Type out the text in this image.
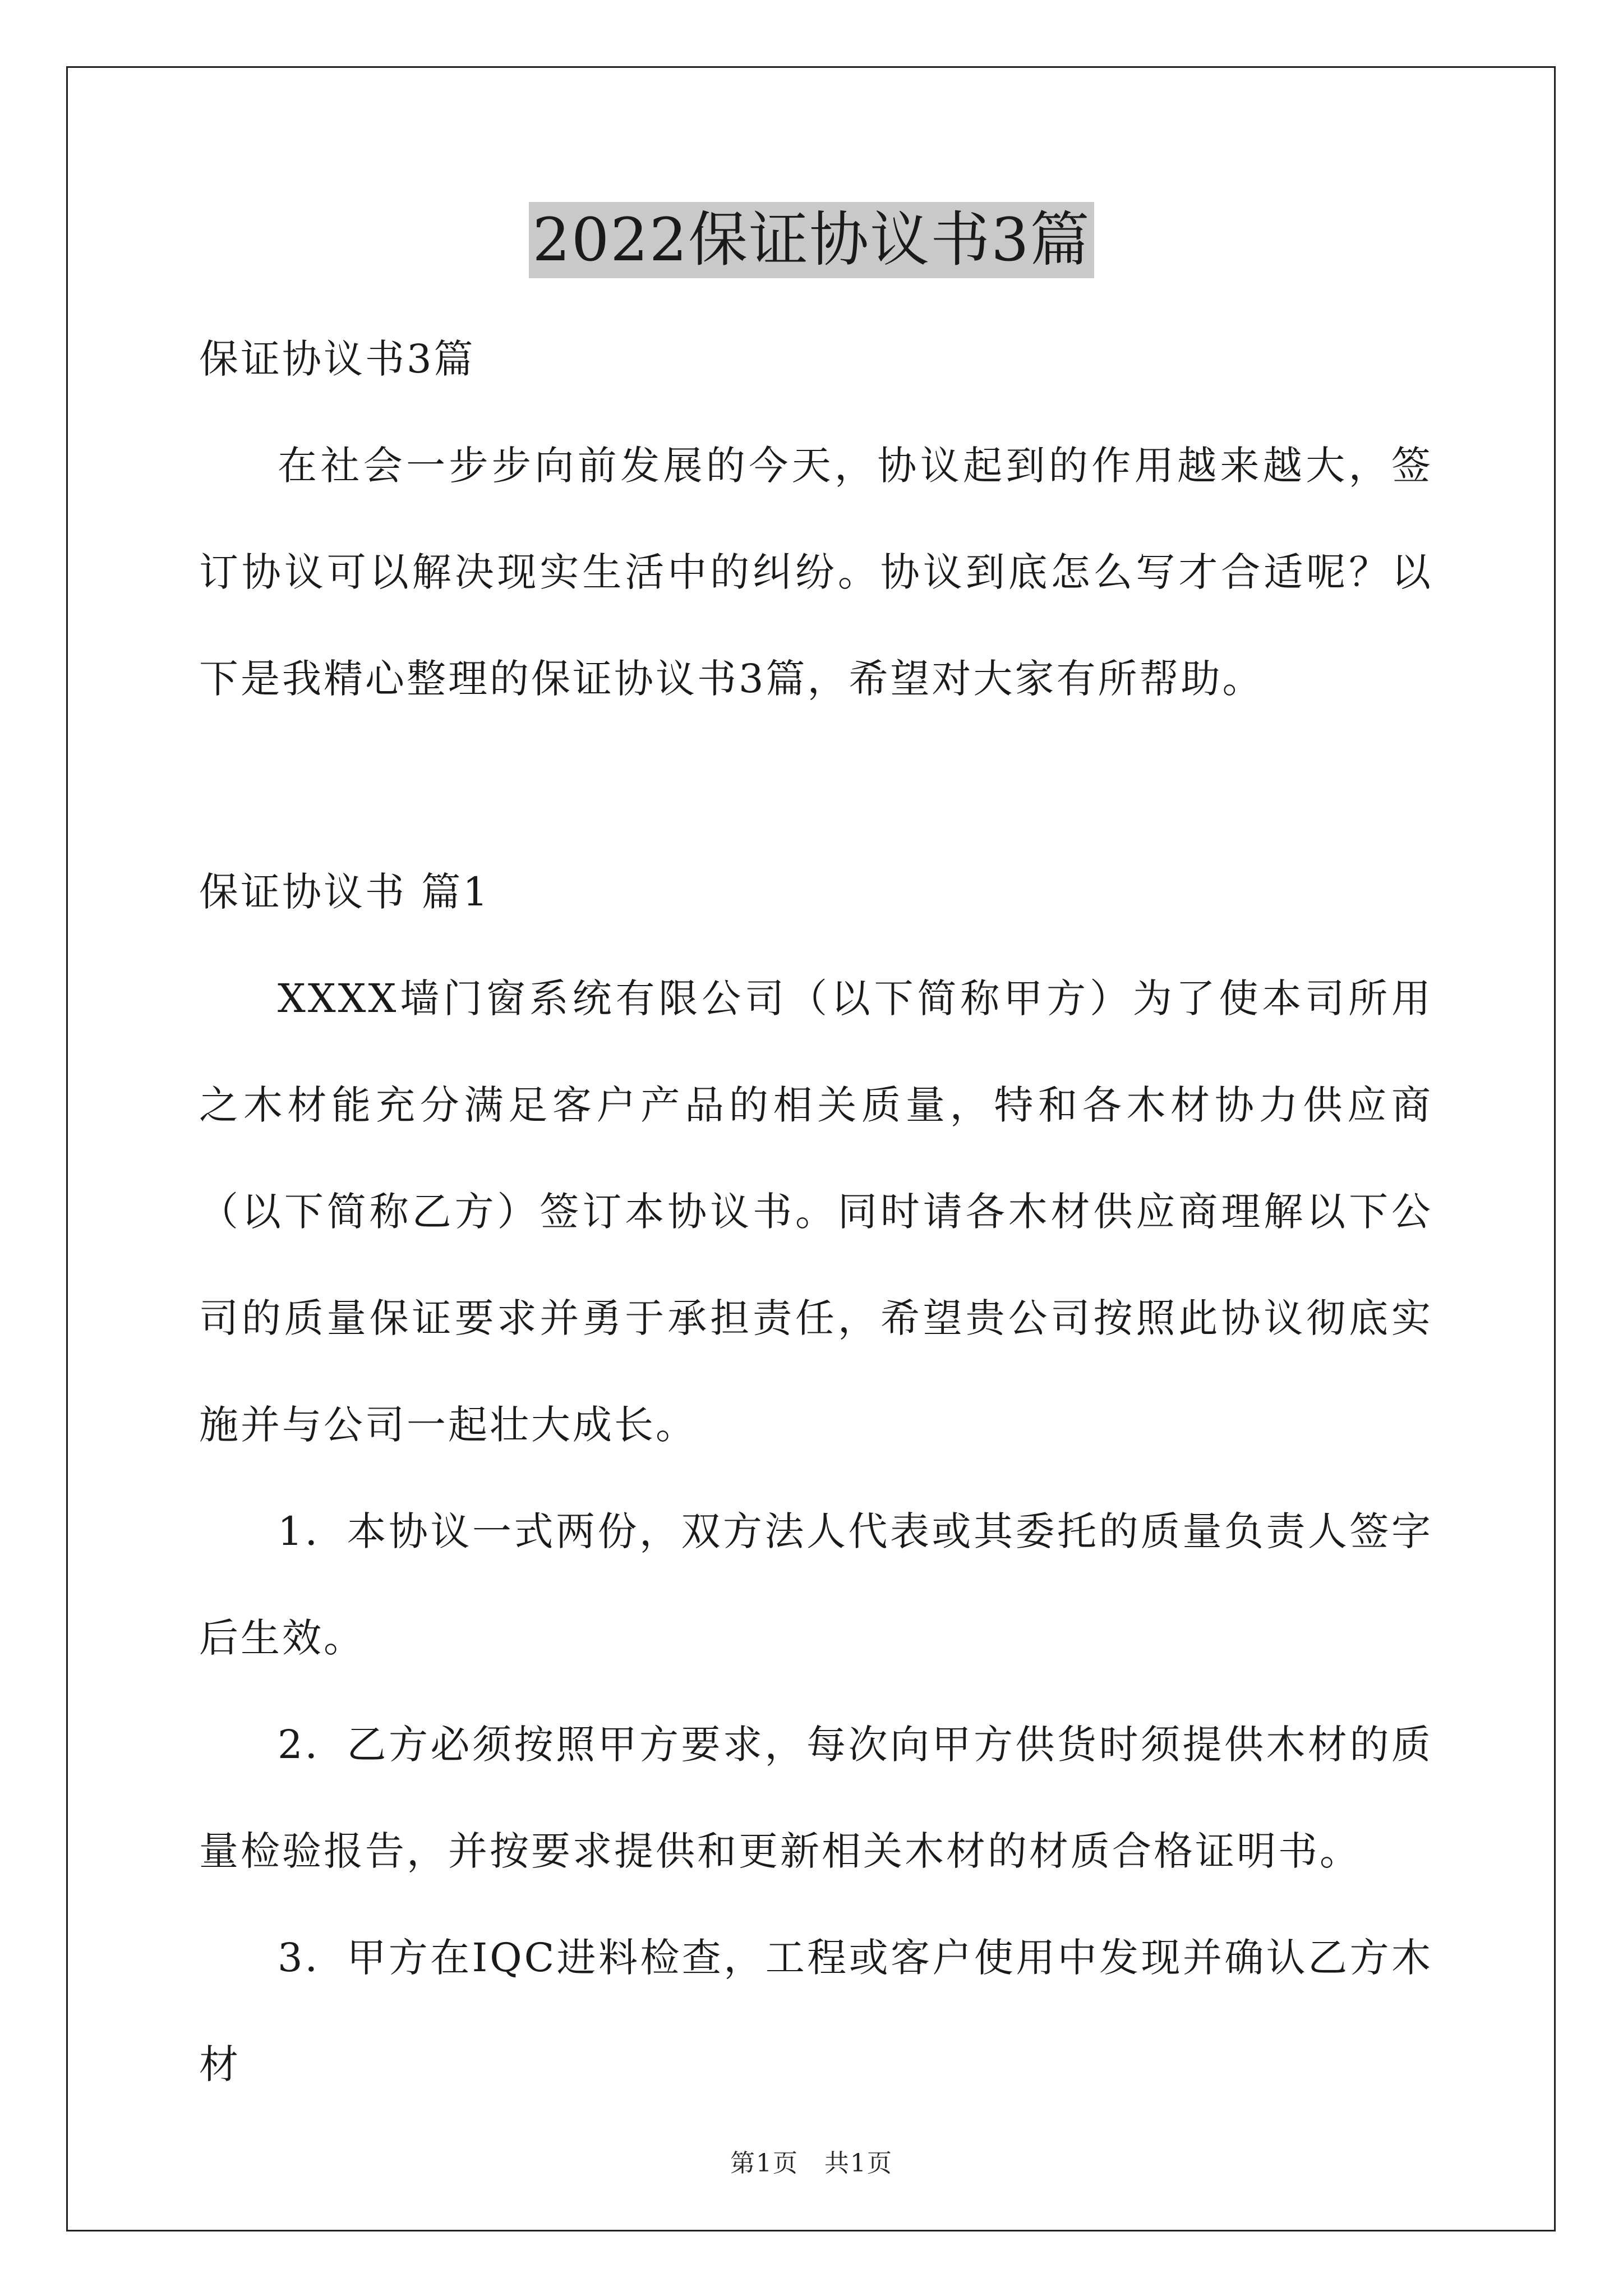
2022保证协议书3篇

保证协议书3篇

在社会一步步向前发展的今天，协议起到的作用越来越大，签订协议可以解决现实生活中的纠纷。协议到底怎么写才合适呢？以下是我精心整理的保证协议书3篇，希望对大家有所帮助。

保证协议书 篇1

XXXX墙门窗系统有限公司（以下简称甲方）为了使本司所用之木材能充分满足客户产品的相关质量，特和各木材协力供应商（以下简称乙方）签订本协议书。同时请各木材供应商理解以下公司的质量保证要求并勇于承担责任，希望贵公司按照此协议彻底实施并与公司一起壮大成长。

1．本协议一式两份，双方法人代表或其委托的质量负责人签字后生效。

2．乙方必须按照甲方要求，每次向甲方供货时须提供木材的质量检验报告，并按要求提供和更新相关木材的材质合格证明书。

3．甲方在IQC进料检查，工程或客户使用中发现并确认乙方木材

第1页　共1页
